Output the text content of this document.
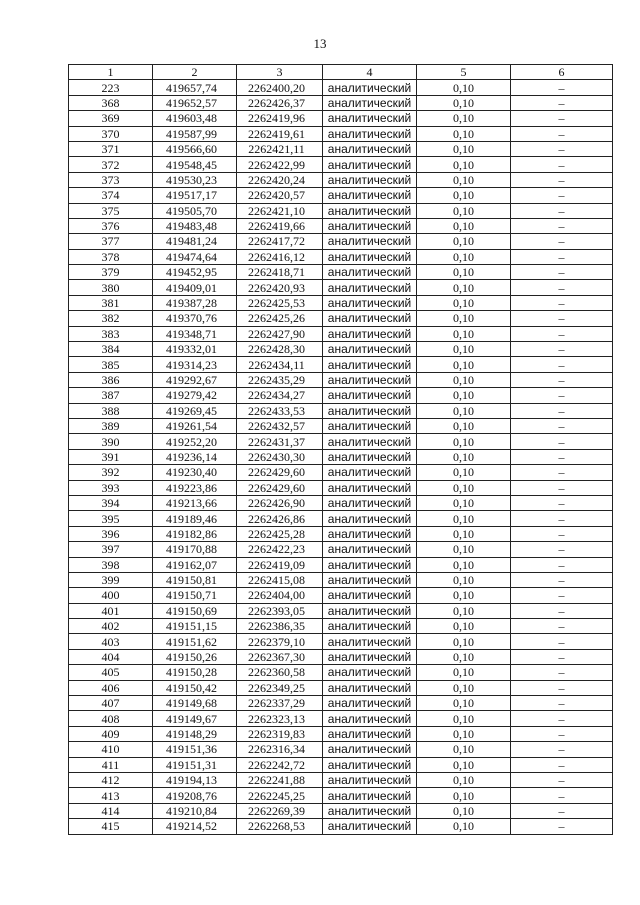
13
1	2	3	4	5	6
223	419657,74	2262400,20	аналитический	0,10	–
368	419652,57	2262426,37	аналитический	0,10	–
369	419603,48	2262419,96	аналитический	0,10	–
370	419587,99	2262419,61	аналитический	0,10	–
371	419566,60	2262421,11	аналитический	0,10	–
372	419548,45	2262422,99	аналитический	0,10	–
373	419530,23	2262420,24	аналитический	0,10	–
374	419517,17	2262420,57	аналитический	0,10	–
375	419505,70	2262421,10	аналитический	0,10	–
376	419483,48	2262419,66	аналитический	0,10	–
377	419481,24	2262417,72	аналитический	0,10	–
378	419474,64	2262416,12	аналитический	0,10	–
379	419452,95	2262418,71	аналитический	0,10	–
380	419409,01	2262420,93	аналитический	0,10	–
381	419387,28	2262425,53	аналитический	0,10	–
382	419370,76	2262425,26	аналитический	0,10	–
383	419348,71	2262427,90	аналитический	0,10	–
384	419332,01	2262428,30	аналитический	0,10	–
385	419314,23	2262434,11	аналитический	0,10	–
386	419292,67	2262435,29	аналитический	0,10	–
387	419279,42	2262434,27	аналитический	0,10	–
388	419269,45	2262433,53	аналитический	0,10	–
389	419261,54	2262432,57	аналитический	0,10	–
390	419252,20	2262431,37	аналитический	0,10	–
391	419236,14	2262430,30	аналитический	0,10	–
392	419230,40	2262429,60	аналитический	0,10	–
393	419223,86	2262429,60	аналитический	0,10	–
394	419213,66	2262426,90	аналитический	0,10	–
395	419189,46	2262426,86	аналитический	0,10	–
396	419182,86	2262425,28	аналитический	0,10	–
397	419170,88	2262422,23	аналитический	0,10	–
398	419162,07	2262419,09	аналитический	0,10	–
399	419150,81	2262415,08	аналитический	0,10	–
400	419150,71	2262404,00	аналитический	0,10	–
401	419150,69	2262393,05	аналитический	0,10	–
402	419151,15	2262386,35	аналитический	0,10	–
403	419151,62	2262379,10	аналитический	0,10	–
404	419150,26	2262367,30	аналитический	0,10	–
405	419150,28	2262360,58	аналитический	0,10	–
406	419150,42	2262349,25	аналитический	0,10	–
407	419149,68	2262337,29	аналитический	0,10	–
408	419149,67	2262323,13	аналитический	0,10	–
409	419148,29	2262319,83	аналитический	0,10	–
410	419151,36	2262316,34	аналитический	0,10	–
411	419151,31	2262242,72	аналитический	0,10	–
412	419194,13	2262241,88	аналитический	0,10	–
413	419208,76	2262245,25	аналитический	0,10	–
414	419210,84	2262269,39	аналитический	0,10	–
415	419214,52	2262268,53	аналитический	0,10	–
